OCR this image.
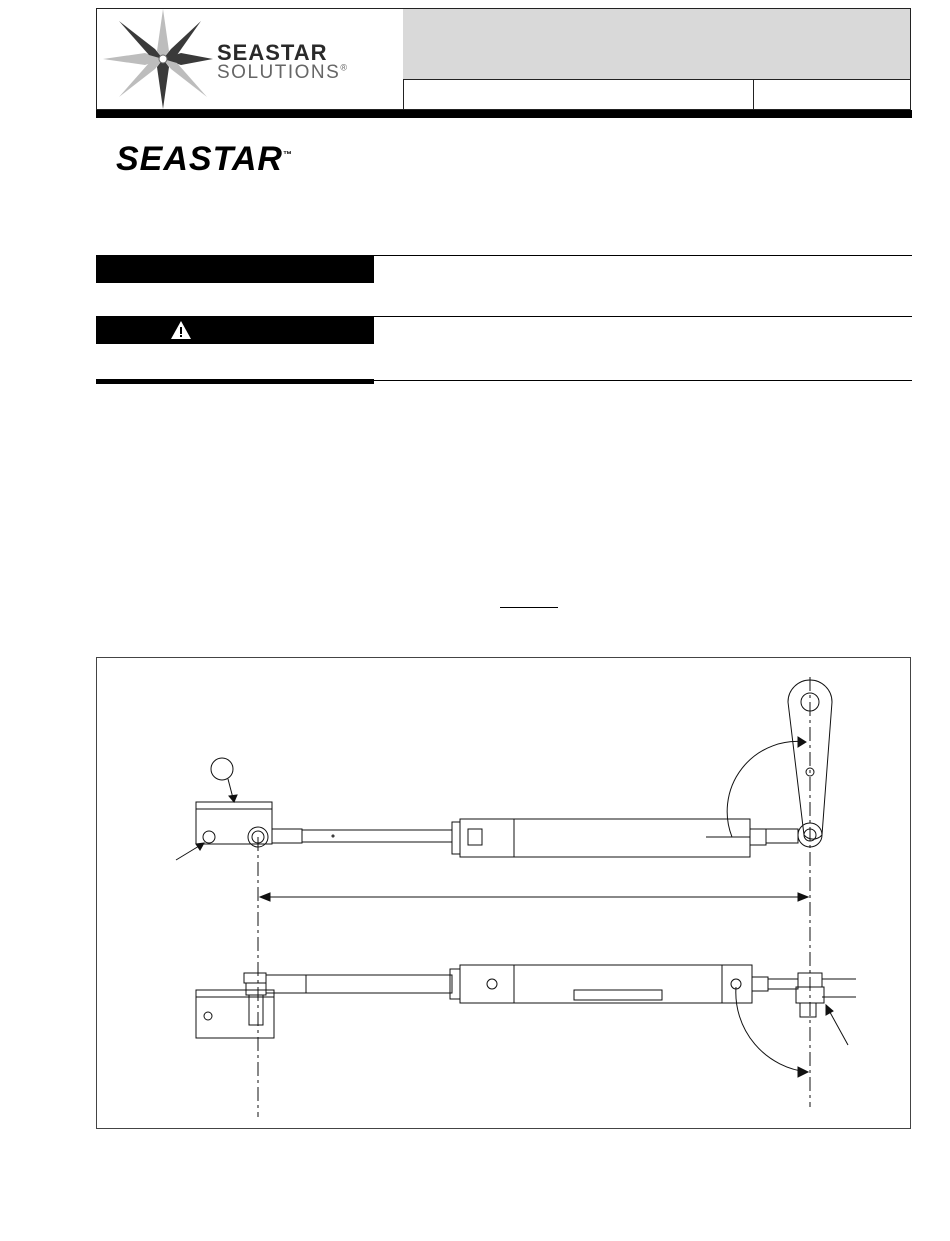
SEASTAR
SOLUTIONS®
SEASTAR™
